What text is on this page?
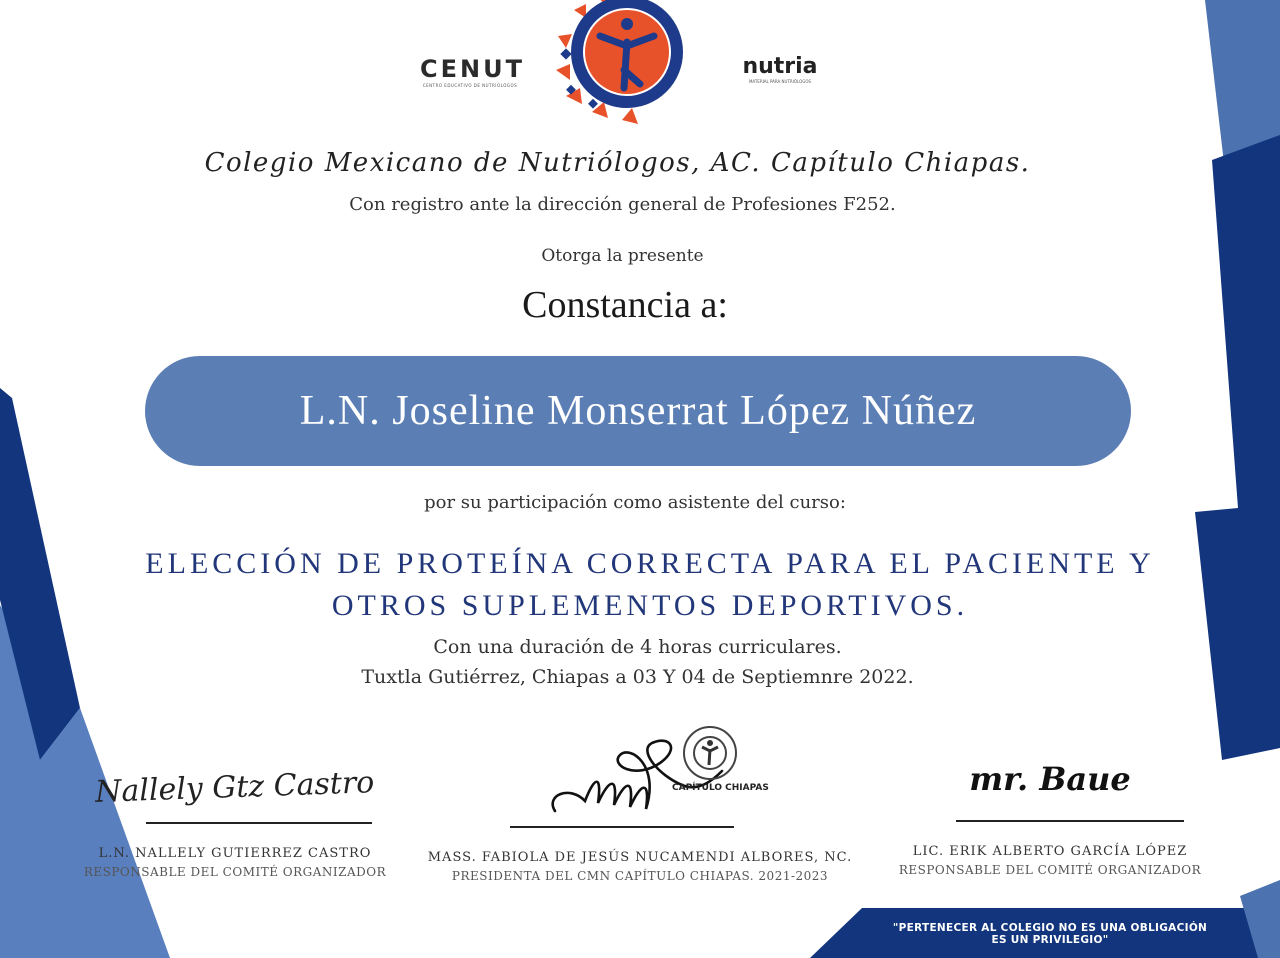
CENUT
CENTRO EDUCATIVO DE NUTRIÓLOGOS
nutria
MATERIAL PARA NUTRIÓLOGOS
Colegio Mexicano de Nutriólogos, AC. Capítulo Chiapas.
Con registro ante la dirección general de Profesiones F252.
Otorga la presente
Constancia a:
L.N. Joseline Monserrat López Núñez
por su participación como asistente del curso:
ELECCIÓN DE PROTEÍNA CORRECTA PARA EL PACIENTE Y
OTROS SUPLEMENTOS DEPORTIVOS.
Con una duración de 4 horas curriculares.
Tuxtla Gutiérrez, Chiapas a 03 Y 04 de Septiemnre 2022.
Nallely Gtz Castro
L.N. NALLELY GUTIERREZ CASTRO
RESPONSABLE DEL COMITÉ ORGANIZADOR
CAPÍTULO CHIAPAS
MASS. FABIOLA DE JESÚS NUCAMENDI ALBORES, NC.
PRESIDENTA DEL CMN CAPÍTULO CHIAPAS. 2021-2023
mr. Baue
LIC. ERIK ALBERTO GARCÍA LÓPEZ
RESPONSABLE DEL COMITÉ ORGANIZADOR
"PERTENECER AL COLEGIO NO ES UNA OBLIGACIÓN
ES UN PRIVILEGIO"
